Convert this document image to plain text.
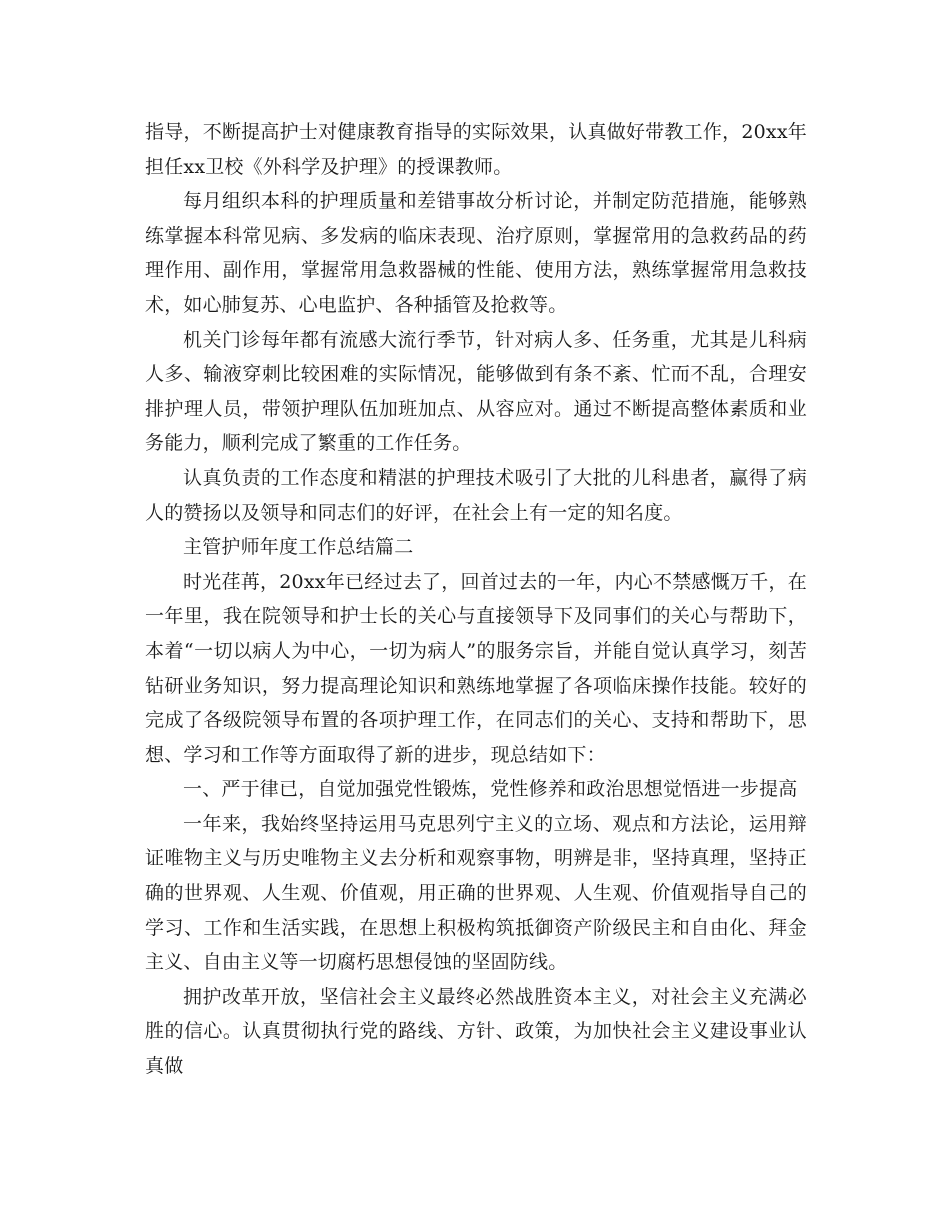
指导，不断提高护士对健康教育指导的实际效果，认真做好带教工作，20xx年担任xx卫校《外科学及护理》的授课教师。

每月组织本科的护理质量和差错事故分析讨论，并制定防范措施，能够熟练掌握本科常见病、多发病的临床表现、治疗原则，掌握常用的急救药品的药理作用、副作用，掌握常用急救器械的性能、使用方法，熟练掌握常用急救技术，如心肺复苏、心电监护、各种插管及抢救等。

机关门诊每年都有流感大流行季节，针对病人多、任务重，尤其是儿科病人多、输液穿刺比较困难的实际情况，能够做到有条不紊、忙而不乱，合理安排护理人员，带领护理队伍加班加点、从容应对。通过不断提高整体素质和业务能力，顺利完成了繁重的工作任务。

认真负责的工作态度和精湛的护理技术吸引了大批的儿科患者，赢得了病人的赞扬以及领导和同志们的好评，在社会上有一定的知名度。

主管护师年度工作总结篇二

时光荏苒，20xx年已经过去了，回首过去的一年，内心不禁感慨万千，在一年里，我在院领导和护士长的关心与直接领导下及同事们的关心与帮助下，本着“一切以病人为中心，一切为病人”的服务宗旨，并能自觉认真学习，刻苦钻研业务知识，努力提高理论知识和熟练地掌握了各项临床操作技能。较好的完成了各级院领导布置的各项护理工作，在同志们的关心、支持和帮助下，思想、学习和工作等方面取得了新的进步，现总结如下：

一、严于律已，自觉加强党性锻炼，党性修养和政治思想觉悟进一步提高

一年来，我始终坚持运用马克思列宁主义的立场、观点和方法论，运用辩证唯物主义与历史唯物主义去分析和观察事物，明辨是非，坚持真理，坚持正确的世界观、人生观、价值观，用正确的世界观、人生观、价值观指导自己的学习、工作和生活实践，在思想上积极构筑抵御资产阶级民主和自由化、拜金主义、自由主义等一切腐朽思想侵蚀的坚固防线。

拥护改革开放，坚信社会主义最终必然战胜资本主义，对社会主义充满必胜的信心。认真贯彻执行党的路线、方针、政策，为加快社会主义建设事业认真做
